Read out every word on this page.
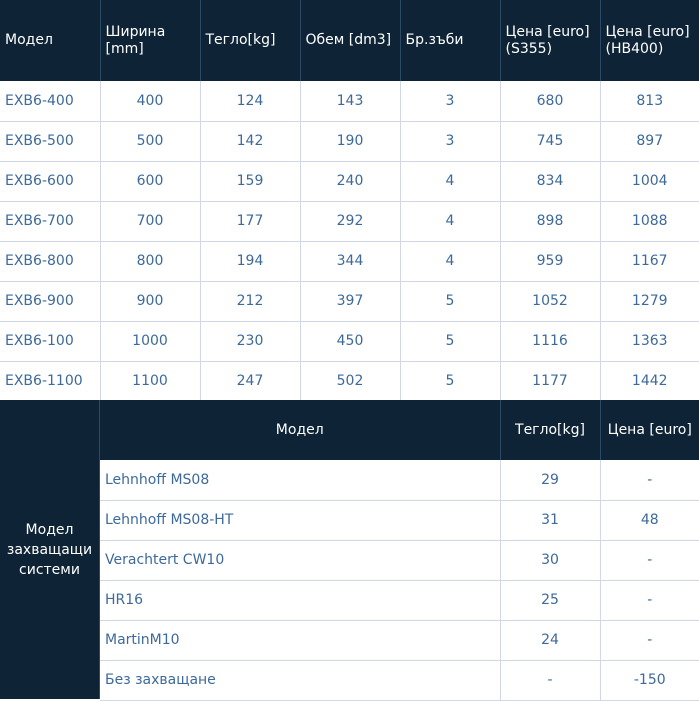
Модел	Ширина [mm]	Тегло[kg]	Обем [dm3]	Бр.зъби	Цена [euro] (S355)	Цена [euro] (HB400)
EXB6-400	400	124	143	3	680	813
EXB6-500	500	142	190	3	745	897
EXB6-600	600	159	240	4	834	1004
EXB6-700	700	177	292	4	898	1088
EXB6-800	800	194	344	4	959	1167
EXB6-900	900	212	397	5	1052	1279
EXB6-100	1000	230	450	5	1116	1363
EXB6-1100	1100	247	502	5	1177	1442
Модел захващащи системи
Модел	Тегло[kg]	Цена [euro]
Lehnhoff MS08	29	-
Lehnhoff MS08-HT	31	48
Verachtert CW10	30	-
HR16	25	-
MartinM10	24	-
Без захващане	-	-150
